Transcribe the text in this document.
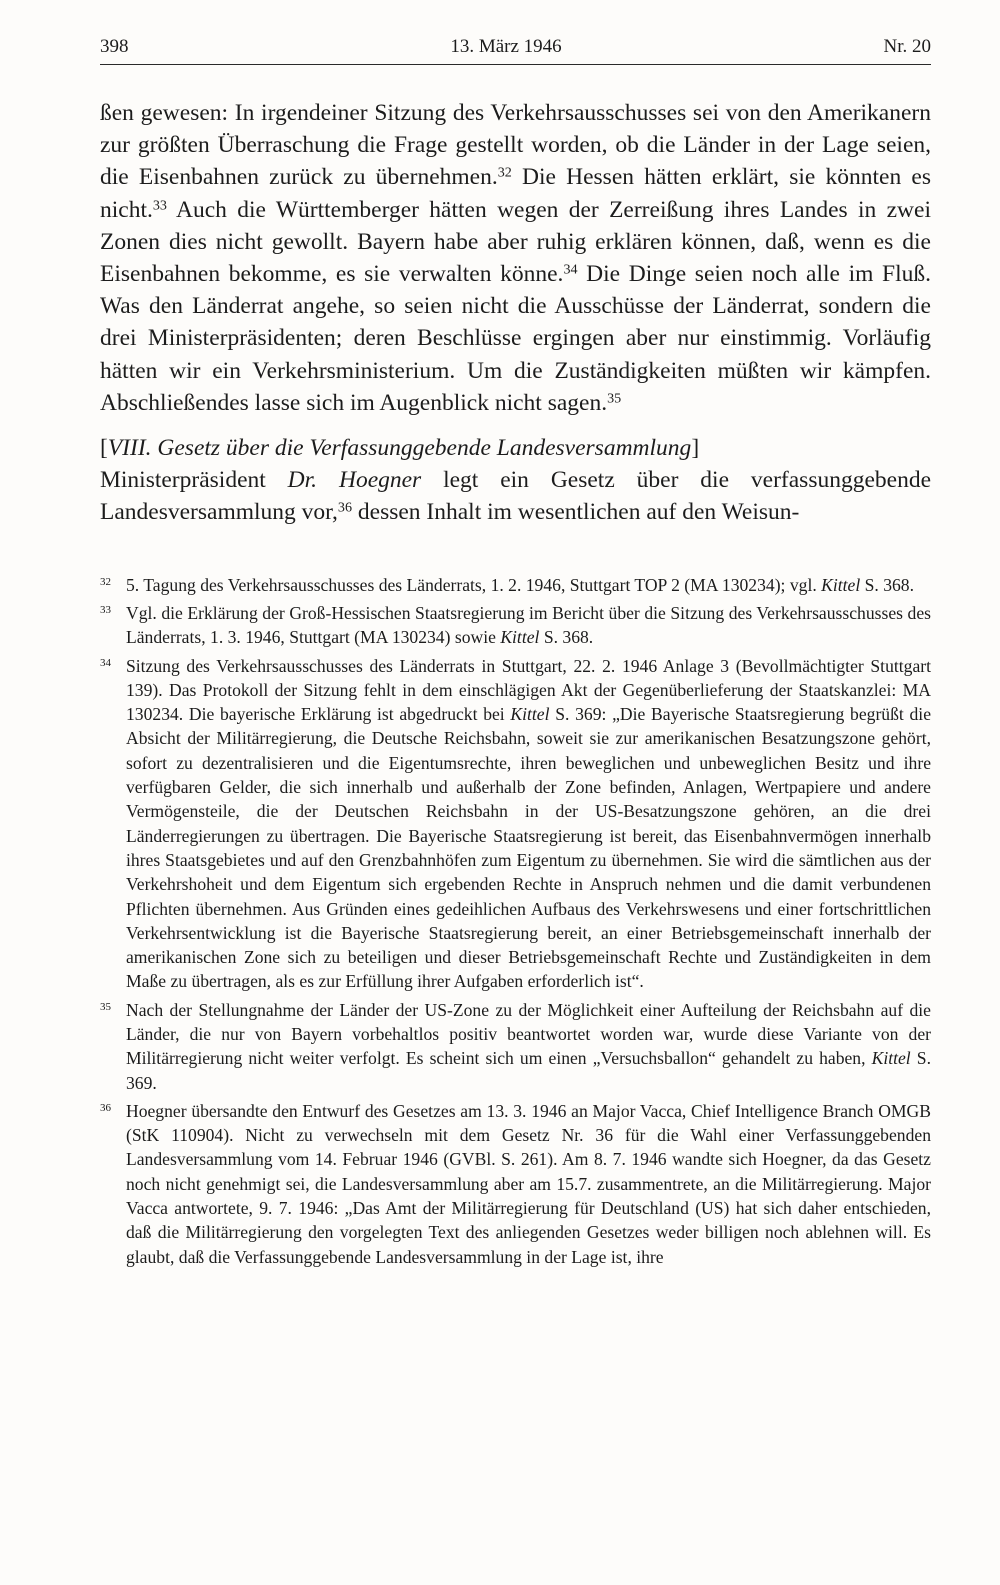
398	13. März 1946	Nr. 20

ßen gewesen: In irgendeiner Sitzung des Verkehrsausschusses sei von den Amerikanern zur größten Überraschung die Frage gestellt worden, ob die Länder in der Lage seien, die Eisenbahnen zurück zu übernehmen.$^{32}$ Die Hessen hätten erklärt, sie könnten es nicht.$^{33}$ Auch die Württemberger hätten wegen der Zerreißung ihres Landes in zwei Zonen dies nicht gewollt. Bayern habe aber ruhig erklären können, daß, wenn es die Eisenbahnen bekomme, es sie verwalten könne.$^{34}$ Die Dinge seien noch alle im Fluß. Was den Länderrat angehe, so seien nicht die Ausschüsse der Länderrat, sondern die drei Ministerpräsidenten; deren Beschlüsse ergingen aber nur einstimmig. Vorläufig hätten wir ein Verkehrsministerium. Um die Zuständigkeiten müßten wir kämpfen. Abschließendes lasse sich im Augenblick nicht sagen.$^{35}$

[VIII. Gesetz über die Verfassunggebende Landesversammlung]

Ministerpräsident Dr. Hoegner legt ein Gesetz über die verfassunggebende Landesversammlung vor,$^{36}$ dessen Inhalt im wesentlichen auf den Weisun-

32 5. Tagung des Verkehrsausschusses des Länderrats, 1. 2. 1946, Stuttgart TOP 2 (MA 130234); vgl. Kittel S. 368.
33 Vgl. die Erklärung der Groß-Hessischen Staatsregierung im Bericht über die Sitzung des Verkehrsausschusses des Länderrats, 1. 3. 1946, Stuttgart (MA 130234) sowie Kittel S. 368.
34 Sitzung des Verkehrsausschusses des Länderrats in Stuttgart, 22. 2. 1946 Anlage 3 (Bevollmächtigter Stuttgart 139). Das Protokoll der Sitzung fehlt in dem einschlägigen Akt der Gegenüberlieferung der Staatskanzlei: MA 130234. Die bayerische Erklärung ist abgedruckt bei Kittel S. 369: „Die Bayerische Staatsregierung begrüßt die Absicht der Militärregierung, die Deutsche Reichsbahn, soweit sie zur amerikanischen Besatzungszone gehört, sofort zu dezentralisieren und die Eigentumsrechte, ihren beweglichen und unbeweglichen Besitz und ihre verfügbaren Gelder, die sich innerhalb und außerhalb der Zone befinden, Anlagen, Wertpapiere und andere Vermögensteile, die der Deutschen Reichsbahn in der US-Besatzungszone gehören, an die drei Länderregierungen zu übertragen. Die Bayerische Staatsregierung ist bereit, das Eisenbahnvermögen innerhalb ihres Staatsgebietes und auf den Grenzbahnhöfen zum Eigentum zu übernehmen. Sie wird die sämtlichen aus der Verkehrshoheit und dem Eigentum sich ergebenden Rechte in Anspruch nehmen und die damit verbundenen Pflichten übernehmen. Aus Gründen eines gedeihlichen Aufbaus des Verkehrswesens und einer fortschrittlichen Verkehrsentwicklung ist die Bayerische Staatsregierung bereit, an einer Betriebsgemeinschaft innerhalb der amerikanischen Zone sich zu beteiligen und dieser Betriebsgemeinschaft Rechte und Zuständigkeiten in dem Maße zu übertragen, als es zur Erfüllung ihrer Aufgaben erforderlich ist“.
35 Nach der Stellungnahme der Länder der US-Zone zu der Möglichkeit einer Aufteilung der Reichsbahn auf die Länder, die nur von Bayern vorbehaltlos positiv beantwortet worden war, wurde diese Variante von der Militärregierung nicht weiter verfolgt. Es scheint sich um einen „Versuchsballon“ gehandelt zu haben, Kittel S. 369.
36 Hoegner übersandte den Entwurf des Gesetzes am 13. 3. 1946 an Major Vacca, Chief Intelligence Branch OMGB (StK 110904). Nicht zu verwechseln mit dem Gesetz Nr. 36 für die Wahl einer Verfassunggebenden Landesversammlung vom 14. Februar 1946 (GVBl. S. 261). Am 8. 7. 1946 wandte sich Hoegner, da das Gesetz noch nicht genehmigt sei, die Landesversammlung aber am 15.7. zusammentrete, an die Militärregierung. Major Vacca antwortete, 9. 7. 1946: „Das Amt der Militärregierung für Deutschland (US) hat sich daher entschieden, daß die Militärregierung den vorgelegten Text des anliegenden Gesetzes weder billigen noch ablehnen will. Es glaubt, daß die Verfassunggebende Landesversammlung in der Lage ist, ihre
